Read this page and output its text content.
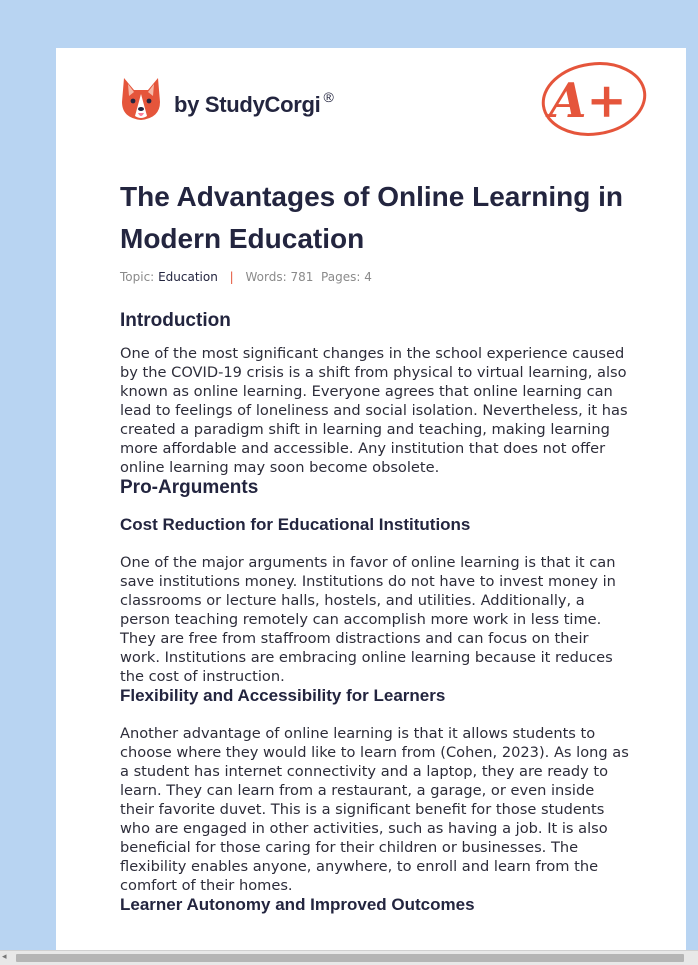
by StudyCorgi ®	A+
The Advantages of Online Learning in Modern Education
Topic: Education | Words: 781 Pages: 4
Introduction

One of the most significant changes in the school experience caused by the COVID-19 crisis is a shift from physical to virtual learning, also known as online learning. Everyone agrees that online learning can lead to feelings of loneliness and social isolation. Nevertheless, it has created a paradigm shift in learning and teaching, making learning more affordable and accessible. Any institution that does not offer online learning may soon become obsolete.

Pro-Arguments
Cost Reduction for Educational Institutions

One of the major arguments in favor of online learning is that it can save institutions money. Institutions do not have to invest money in classrooms or lecture halls, hostels, and utilities. Additionally, a person teaching remotely can accomplish more work in less time. They are free from staffroom distractions and can focus on their work. Institutions are embracing online learning because it reduces the cost of instruction.

Flexibility and Accessibility for Learners

Another advantage of online learning is that it allows students to choose where they would like to learn from (Cohen, 2023). As long as a student has internet connectivity and a laptop, they are ready to learn. They can learn from a restaurant, a garage, or even inside their favorite duvet. This is a significant benefit for those students who are engaged in other activities, such as having a job. It is also beneficial for those caring for their children or businesses. The flexibility enables anyone, anywhere, to enroll and learn from the comfort of their homes.

Learner Autonomy and Improved Outcomes
◂
